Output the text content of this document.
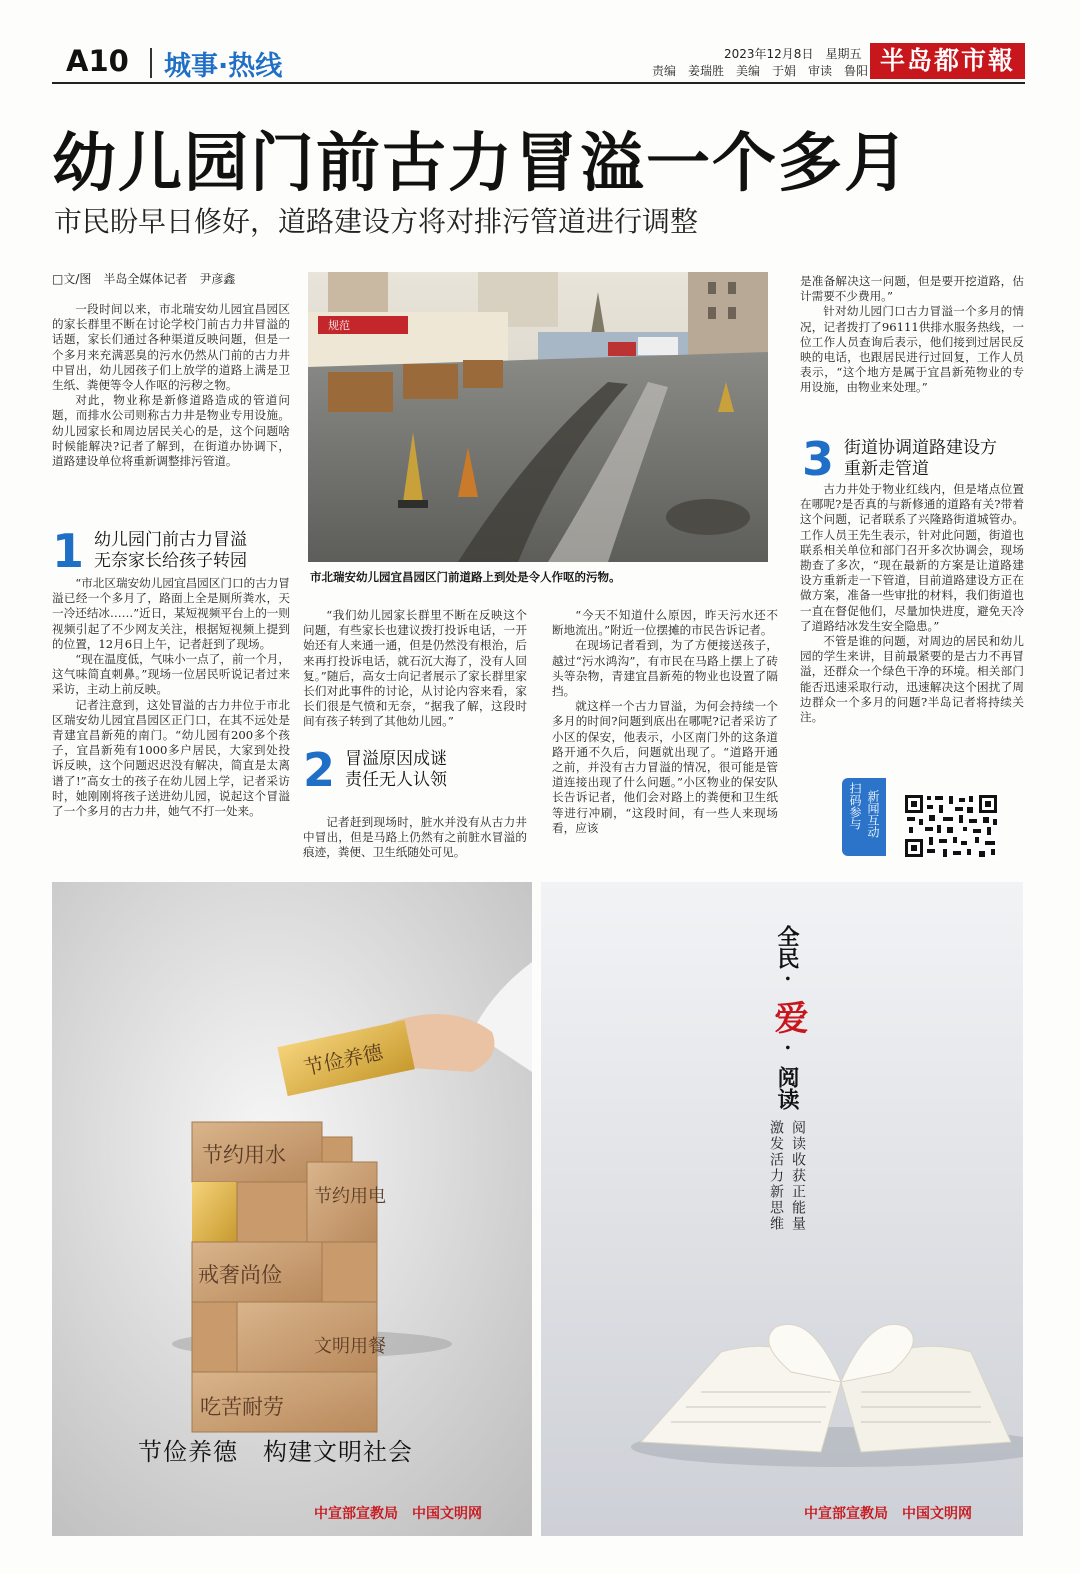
A10 城事·热线	2023年12月8日　星期五
责编　姜瑞胜　美编　于娟　审读　鲁阳 半岛都市報
幼儿园门前古力冒溢一个多月
市民盼早日修好，道路建设方将对排污管道进行调整
□文/图　半岛全媒体记者　尹彦鑫

一段时间以来，市北瑞安幼儿园宜昌园区的家长群里不断在讨论学校门前古力井冒溢的话题，家长们通过各种渠道反映问题，但是一个多月来充满恶臭的污水仍然从门前的古力井中冒出，幼儿园孩子们上放学的道路上满是卫生纸、粪便等令人作呕的污秽之物。

对此，物业称是新修道路造成的管道问题，而排水公司则称古力井是物业专用设施。幼儿园家长和周边居民关心的是，这个问题啥时候能解决?记者了解到，在街道办协调下，道路建设单位将重新调整排污管道。

1 幼儿园门前古力冒溢
无奈家长给孩子转园

“市北区瑞安幼儿园宜昌园区门口的古力冒溢已经一个多月了，路面上全是厕所粪水，天一冷还结冰……”近日，某短视频平台上的一则视频引起了不少网友关注，根据短视频上提到的位置，12月6日上午，记者赶到了现场。

“现在温度低，气味小一点了，前一个月，这气味简直刺鼻。”现场一位居民听说记者过来采访，主动上前反映。

记者注意到，这处冒溢的古力井位于市北区瑞安幼儿园宜昌园区正门口，在其不远处是青建宜昌新苑的南门。“幼儿园有200多个孩子，宜昌新苑有1000多户居民，大家到处投诉反映，这个问题迟迟没有解决，简直是太离谱了!”高女士的孩子在幼儿园上学，记者采访时，她刚刚将孩子送进幼儿园，说起这个冒溢了一个多月的古力井，她气不打一处来。

规范
市北瑞安幼儿园宜昌园区门前道路上到处是令人作呕的污物。

“我们幼儿园家长群里不断在反映这个问题，有些家长也建议拨打投诉电话，一开始还有人来通一通，但是仍然没有根治，后来再打投诉电话，就石沉大海了，没有人回复。”随后，高女士向记者展示了家长群里家长们对此事件的讨论，从讨论内容来看，家长们很是气愤和无奈，“据我了解，这段时间有孩子转到了其他幼儿园。”

2 冒溢原因成谜
责任无人认领

记者赶到现场时，脏水并没有从古力井中冒出，但是马路上仍然有之前脏水冒溢的痕迹，粪便、卫生纸随处可见。

“今天不知道什么原因，昨天污水还不断地流出。”附近一位摆摊的市民告诉记者。

在现场记者看到，为了方便接送孩子，越过“污水鸿沟”，有市民在马路上摆上了砖头等杂物，青建宜昌新苑的物业也设置了隔挡。

就这样一个古力冒溢，为何会持续一个多月的时间?问题到底出在哪呢?记者采访了小区的保安，他表示，小区南门外的这条道路开通不久后，问题就出现了。“道路开通之前，并没有古力冒溢的情况，很可能是管道连接出现了什么问题。”小区物业的保安队长告诉记者，他们会对路上的粪便和卫生纸等进行冲刷，“这段时间，有一些人来现场看，应该

是准备解决这一问题，但是要开挖道路，估计需要不少费用。”

针对幼儿园门口古力冒溢一个多月的情况，记者拨打了96111供排水服务热线，一位工作人员查询后表示，他们接到过居民反映的电话，也跟居民进行过回复，工作人员表示，“这个地方是属于宜昌新苑物业的专用设施，由物业来处理。”

3 街道协调道路建设方
重新走管道

古力井处于物业红线内，但是堵点位置在哪呢?是否真的与新修通的道路有关?带着这个问题，记者联系了兴隆路街道城管办。工作人员王先生表示，针对此问题，街道也联系相关单位和部门召开多次协调会，现场勘查了多次，“现在最新的方案是让道路建设方重新走一下管道，目前道路建设方正在做方案，准备一些审批的材料，我们街道也一直在督促他们，尽量加快进度，避免天冷了道路结冰发生安全隐患。”

不管是谁的问题，对周边的居民和幼儿园的学生来讲，目前最紧要的是古力不再冒溢，还群众一个绿色干净的环境。相关部门能否迅速采取行动，迅速解决这个困扰了周边群众一个多月的问题?半岛记者将持续关注。

新闻互动
扫码参与
节俭养德
节约用水
节约用电
戒奢尚俭
文明用餐
吃苦耐劳
节俭养德　构建文明社会
中宣部宣教局　中国文明网
全民
·
爱
·
阅读
阅读收获正能量
激发活力新思维
中宣部宣教局　中国文明网
